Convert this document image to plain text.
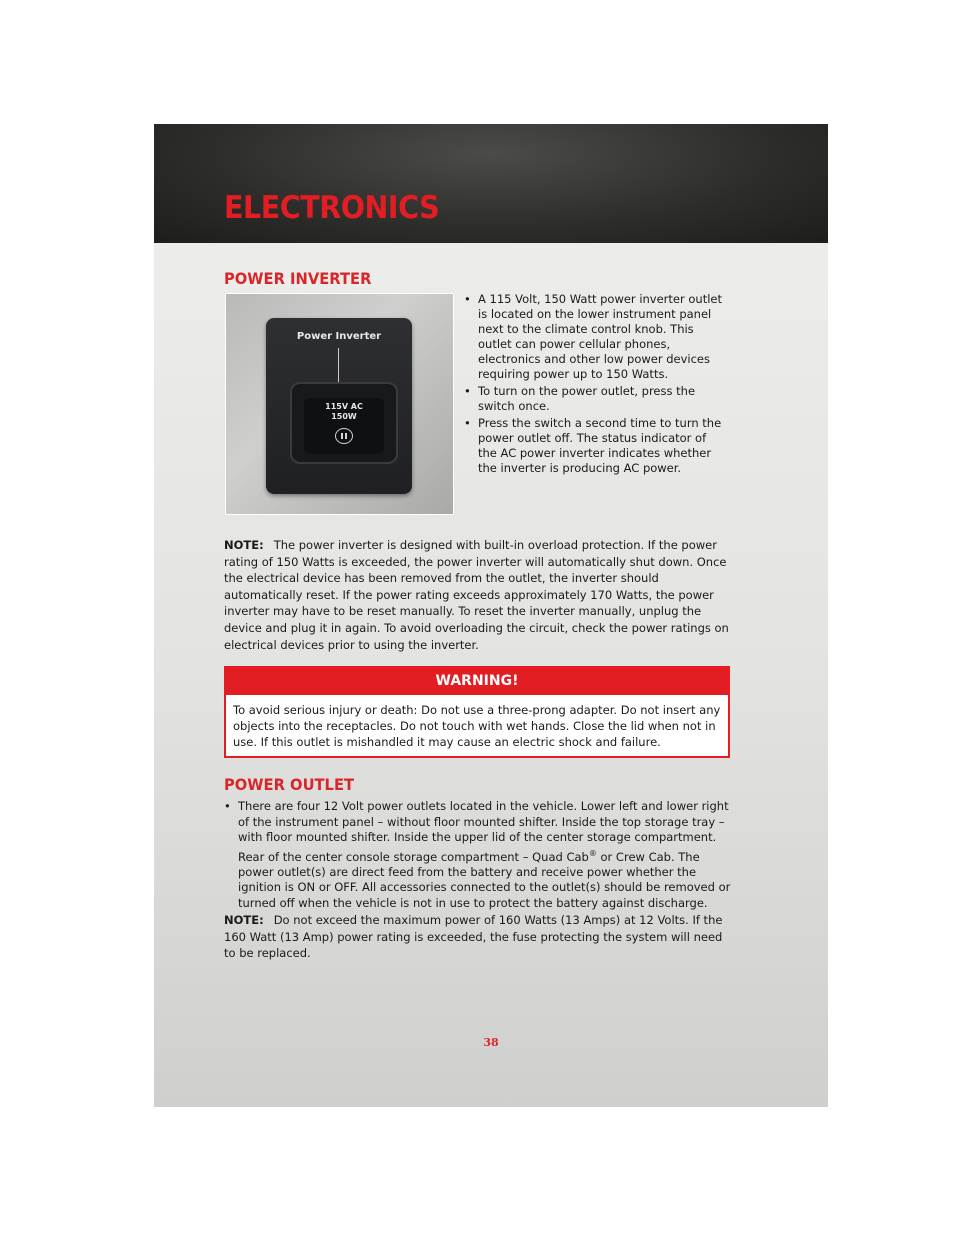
ELECTRONICS
POWER INVERTER
Power Inverter
115V AC
150W
• A 115 Volt, 150 Watt power inverter outlet is located on the lower instrument panel next to the climate control knob. This outlet can power cellular phones, electronics and other low power devices requiring power up to 150 Watts.
• To turn on the power outlet, press the switch once.
• Press the switch a second time to turn the power outlet off. The status indicator of the AC power inverter indicates whether the inverter is producing AC power.

NOTE: The power inverter is designed with built-in overload protection. If the power rating of 150 Watts is exceeded, the power inverter will automatically shut down. Once the electrical device has been removed from the outlet, the inverter should automatically reset. If the power rating exceeds approximately 170 Watts, the power inverter may have to be reset manually. To reset the inverter manually, unplug the device and plug it in again. To avoid overloading the circuit, check the power ratings on electrical devices prior to using the inverter.

WARNING!

To avoid serious injury or death: Do not use a three-prong adapter. Do not insert any objects into the receptacles. Do not touch with wet hands. Close the lid when not in use. If this outlet is mishandled it may cause an electric shock and failure.

POWER OUTLET
• There are four 12 Volt power outlets located in the vehicle. Lower left and lower right of the instrument panel – without floor mounted shifter. Inside the top storage tray – with floor mounted shifter. Inside the upper lid of the center storage compartment. Rear of the center console storage compartment – Quad Cab® or Crew Cab. The power outlet(s) are direct feed from the battery and receive power whether the ignition is ON or OFF. All accessories connected to the outlet(s) should be removed or turned off when the vehicle is not in use to protect the battery against discharge.

NOTE: Do not exceed the maximum power of 160 Watts (13 Amps) at 12 Volts. If the 160 Watt (13 Amp) power rating is exceeded, the fuse protecting the system will need to be replaced.

38
